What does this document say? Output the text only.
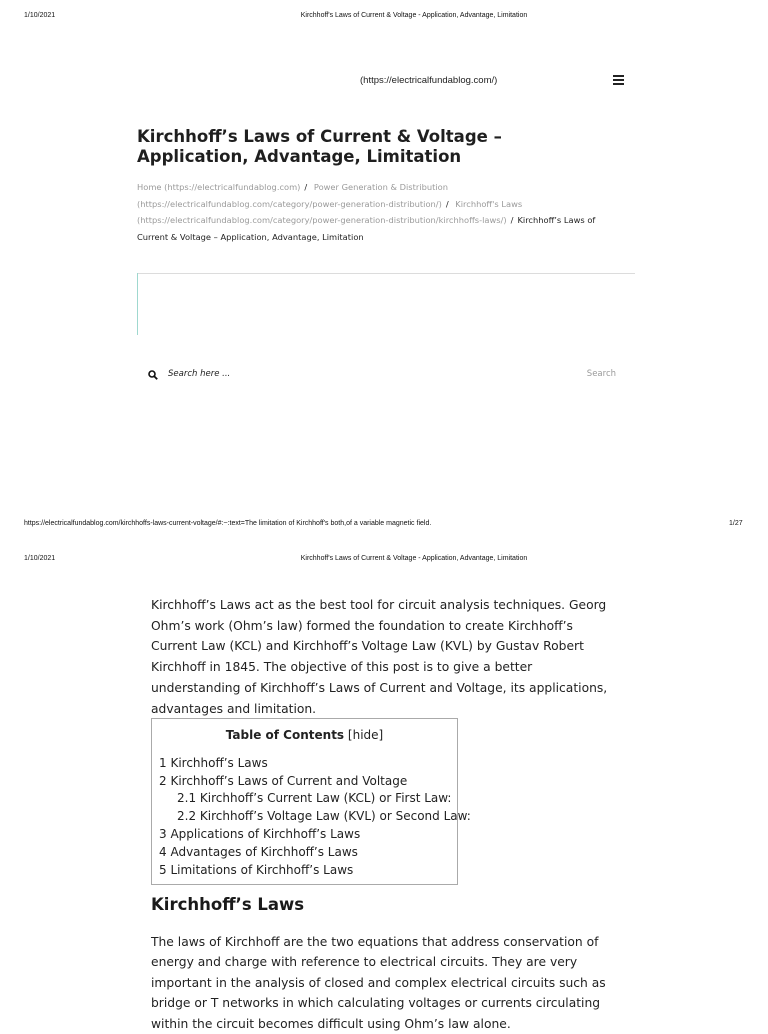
1/10/2021	Kirchhoff's Laws of Current & Voltage - Application, Advantage, Limitation
(https://electricalfundablog.com/)
Kirchhoff’s Laws of Current & Voltage – Application, Advantage, Limitation
Home (https://electricalfundablog.com) / Power Generation & Distribution (https://electricalfundablog.com/category/power-generation-distribution/) / Kirchhoff's Laws (https://electricalfundablog.com/category/power-generation-distribution/kirchhoffs-laws/) / Kirchhoff’s Laws of Current & Voltage – Application, Advantage, Limitation
Search here ...	Search
https://electricalfundablog.com/kirchhoffs-laws-current-voltage/#:~:text=The limitation of Kirchhoff's both,of a variable magnetic field.	1/27
1/10/2021	Kirchhoff's Laws of Current & Voltage - Application, Advantage, Limitation

Kirchhoff’s Laws act as the best tool for circuit analysis techniques. Georg Ohm’s work (Ohm’s law) formed the foundation to create Kirchhoff’s Current Law (KCL) and Kirchhoff’s Voltage Law (KVL) by Gustav Robert Kirchhoff in 1845. The objective of this post is to give a better understanding of Kirchhoff’s Laws of Current and Voltage, its applications, advantages and limitation.

Table of Contents [hide]
1 Kirchhoff’s Laws
2 Kirchhoff’s Laws of Current and Voltage
2.1 Kirchhoff’s Current Law (KCL) or First Law:
2.2 Kirchhoff’s Voltage Law (KVL) or Second Law:
3 Applications of Kirchhoff’s Laws
4 Advantages of Kirchhoff’s Laws
5 Limitations of Kirchhoff’s Laws
Kirchhoff’s Laws

The laws of Kirchhoff are the two equations that address conservation of energy and charge with reference to electrical circuits. They are very important in the analysis of closed and complex electrical circuits such as bridge or T networks in which calculating voltages or currents circulating within the circuit becomes difficult using Ohm’s law alone.
